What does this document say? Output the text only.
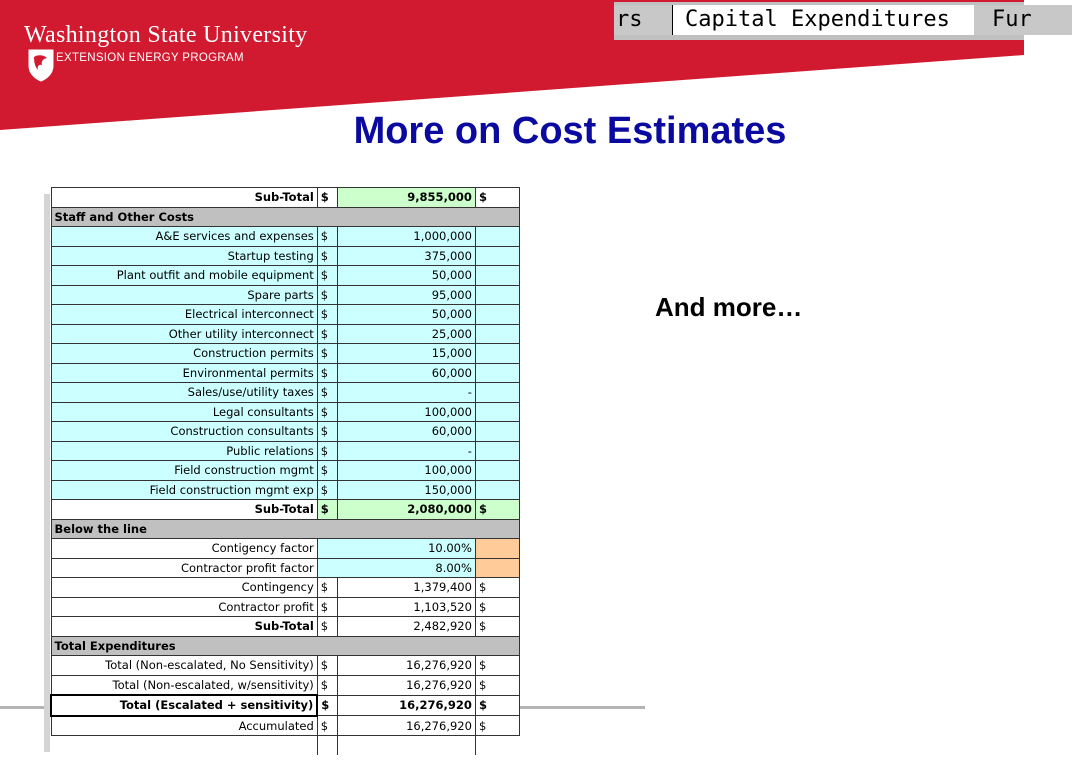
Washington State University
EXTENSION ENERGY PROGRAM
rs	Capital Expenditures	Fur
More on Cost Estimates
And more…
Sub-Total	$	9,855,000	$
Staff and Other Costs			
A&E services and expenses	$	1,000,000	
Startup testing	$	375,000	
Plant outfit and mobile equipment	$	50,000	
Spare parts	$	95,000	
Electrical interconnect	$	50,000	
Other utility interconnect	$	25,000	
Construction permits	$	15,000	
Environmental permits	$	60,000	
Sales/use/utility taxes	$	-	
Legal consultants	$	100,000	
Construction consultants	$	60,000	
Public relations	$	-	
Field construction mgmt	$	100,000	
Field construction mgmt exp	$	150,000	
Sub-Total	$	2,080,000	$
Below the line			
Contigency factor	10.00%		
Contractor profit factor	8.00%		
Contingency	$	1,379,400	$
Contractor profit	$	1,103,520	$
Sub-Total	$	2,482,920	$
Total Expenditures			
Total (Non-escalated, No Sensitivity)	$	16,276,920	$
Total (Non-escalated, w/sensitivity)	$	16,276,920	$
Total (Escalated + sensitivity)	$	16,276,920	$
Accumulated	$	16,276,920	$
